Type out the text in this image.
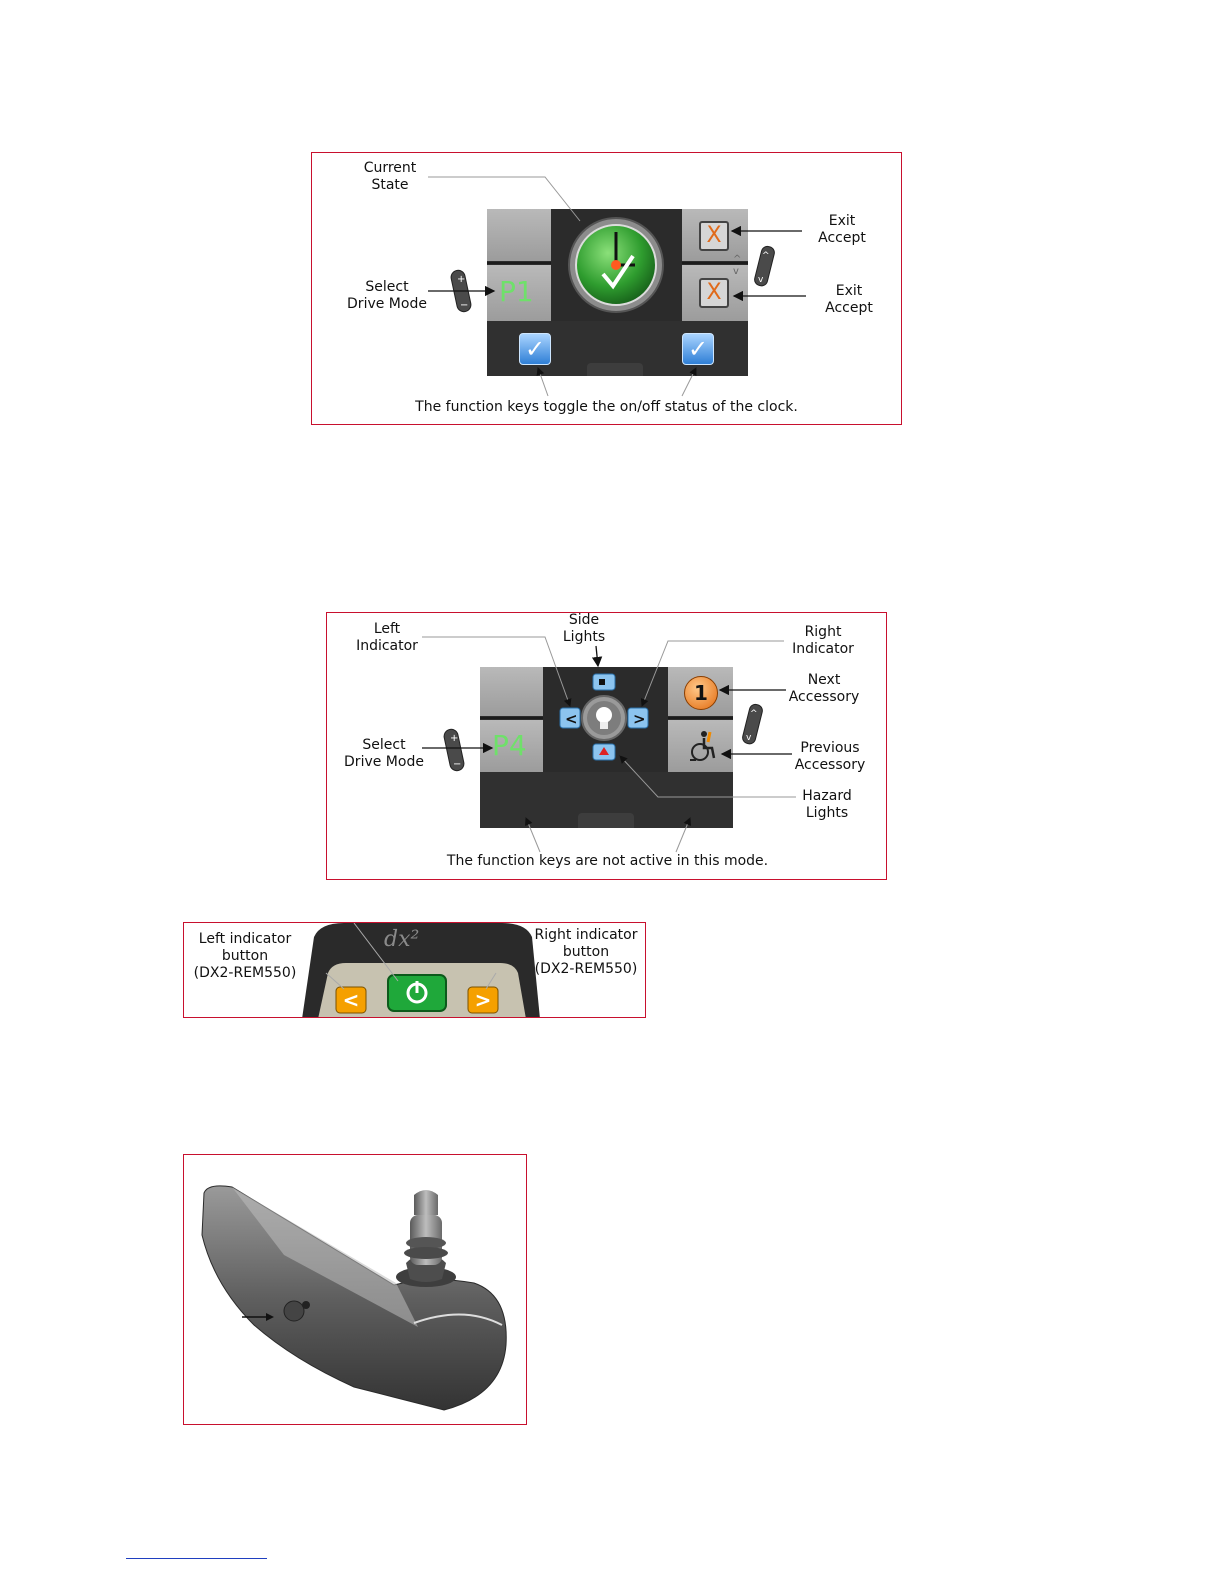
Current
State
Select
Drive Mode
Exit
Accept
Exit
Accept
The function keys toggle the on/off status of the clock.
P1
X
X
✓	✓
+
−
^
v
^
v
Left
Indicator
Side
Lights	Right
Indicator
Next
Accessory
Previous
Accessory
Hazard
Lights
Select
Drive Mode
The function keys are not active in this mode.
P4
<	>
1
+
−
^
v
dx²
<	>
Left indicator
button
(DX2-REM550)
Right indicator
button
(DX2-REM550)
